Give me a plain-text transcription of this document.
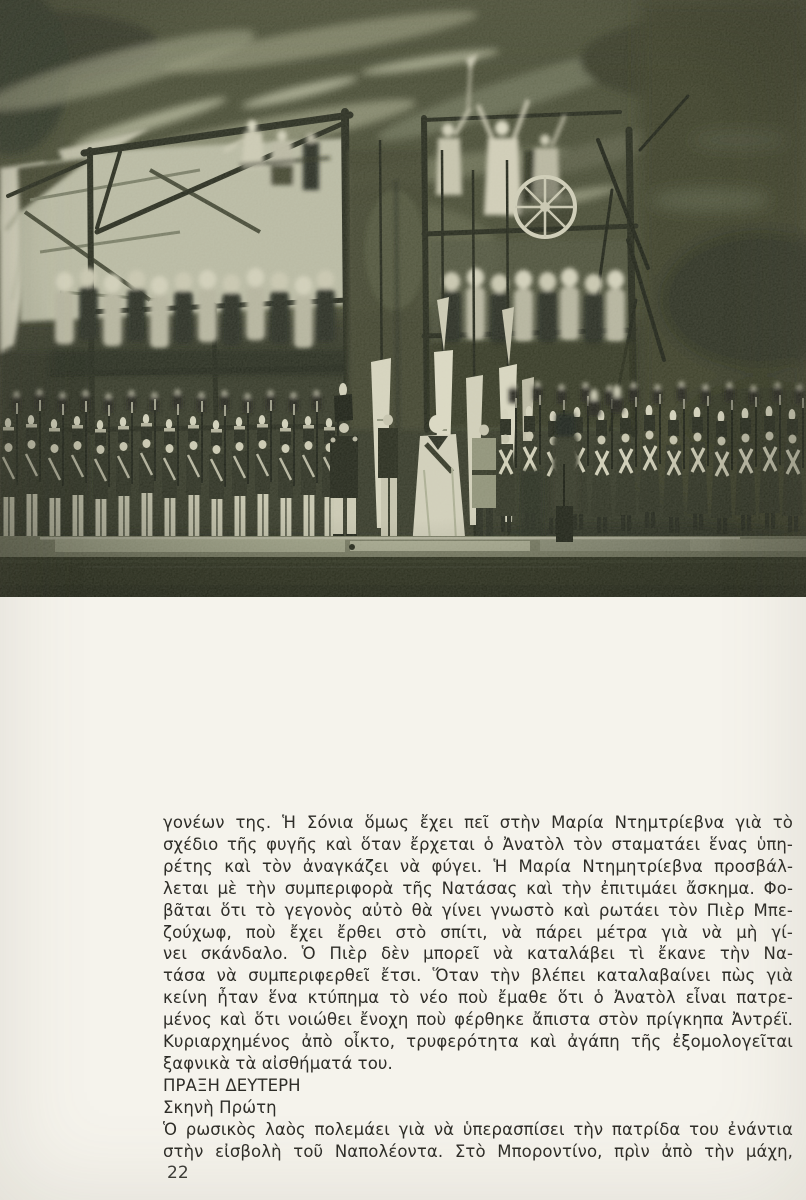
γονέων της. Ἡ Σόνια ὅμως ἔχει πεῖ στὴν Μαρία Ντημτρίεβνα γιὰ τὸ
σχέδιο τῆς φυγῆς καὶ ὅταν ἔρχεται ὁ Ἀνατὸλ τὸν σταματάει ἕνας ὑπη-
ρέτης καὶ τὸν ἀναγκάζει νὰ φύγει. Ἡ Μαρία Ντημητρίεβνα προσβάλ-
λεται μὲ τὴν συμπεριφορὰ τῆς Νατάσας καὶ τὴν ἐπιτιμάει ἄσκημα. Φο-
βᾶται ὅτι τὸ γεγονὸς αὐτὸ θὰ γίνει γνωστὸ καὶ ρωτάει τὸν Πιὲρ Μπε-
ζούχωφ, ποὺ ἔχει ἔρθει στὸ σπίτι, νὰ πάρει μέτρα γιὰ νὰ μὴ γί-
νει σκάνδαλο. Ὁ Πιὲρ δὲν μπορεῖ νὰ καταλάβει τὶ ἔκανε τὴν Να-
τάσα νὰ συμπεριφερθεῖ ἔτσι. Ὅταν τὴν βλέπει καταλαβαίνει πὼς γιὰ
κείνη ἦταν ἕνα κτύπημα τὸ νέο ποὺ ἔμαθε ὅτι ὁ Ἀνατὸλ εἶναι πατρε-
μένος καὶ ὅτι νοιώθει ἔνοχη ποὺ φέρθηκε ἄπιστα στὸν πρίγκηπα Ἀντρέϊ.
Κυριαρχημένος ἀπὸ οἶκτο, τρυφερότητα καὶ ἀγάπη τῆς ἐξομολογεῖται
ξαφνικὰ τὰ αἰσθήματά του.
ΠΡΑΞΗ ΔΕΥΤΕΡΗ
Σκηνὴ Πρώτη
Ὁ ρωσικὸς λαὸς πολεμάει γιὰ νὰ ὑπερασπίσει τὴν πατρίδα του ἐνάντια
στὴν εἰσβολὴ τοῦ Ναπολέοντα. Στὸ Μποροντίνο, πρὶν ἀπὸ τὴν μάχη,
22
